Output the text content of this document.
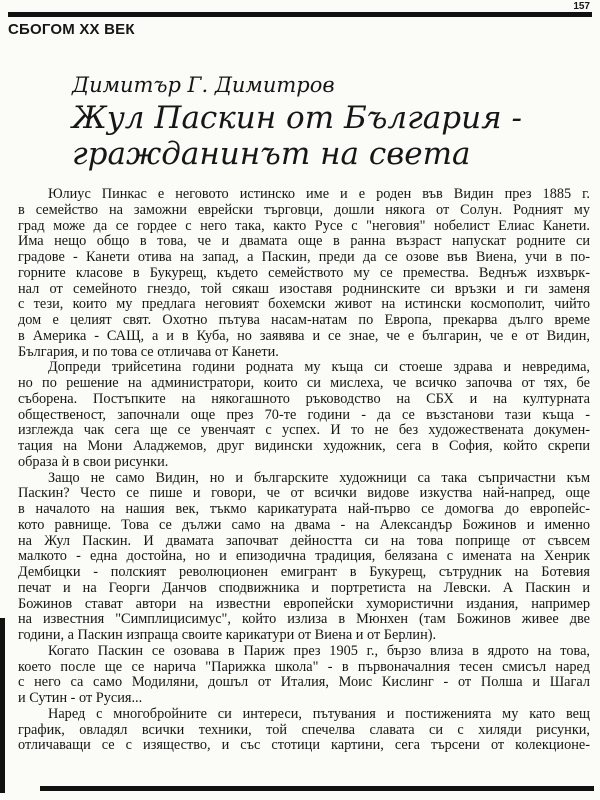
157
СБОГОМ ХХ ВЕК
Димитър Г. Димитров
Жул Паскин от България -
гражданинът на света
Юлиус Пинкас е неговото истинско име и е роден във Видин през 1885 г.
в семейство на заможни еврейски търговци, дошли някога от Солун. Родният му
град може да се гордее с него така, както Русе с "неговия" нобелист Елиас Канети.
Има нещо общо в това, че и двамата още в ранна възраст напускат родните си
градове - Канети отива на запад, а Паскин, преди да се озове във Виена, учи в по-
горните класове в Букурещ, където семейството му се премества. Веднъж изхвърк-
нал от семейното гнездо, той сякаш изоставя роднинските си връзки и ги заменя
с тези, които му предлага неговият бохемски живот на истински космополит, чийто
дом е целият свят. Охотно пътува насам-натам по Европа, прекарва дълго време
в Америка - САЩ, а и в Куба, но заявява и се знае, че е българин, че е от Видин,
България, и по това се отличава от Канети.
Допреди трийсетина години родната му къща си стоеше здрава и невредима,
но по решение на администратори, които си мислеха, че всичко започва от тях, бе
съборена. Постъпките на някогашното ръководство на СБХ и на културната
общественост, започнали още през 70-те години - да се възстанови тази къща -
изглежда чак сега ще се увенчаят с успех. И то не без художествената докумен-
тация на Мони Аладжемов, друг видински художник, сега в София, който скрепи
образа ѝ в свои рисунки.
Защо не само Видин, но и българските художници са така съпричастни към
Паскин? Често се пише и говори, че от всички видове изкуства най-напред, още
в началото на нашия век, тъкмо карикатурата най-първо се домогва до европейс-
кото равнище. Това се дължи само на двама - на Александър Божинов и именно
на Жул Паскин. И двамата започват дейността си на това поприще от съвсем
малкото - една достойна, но и епизодична традиция, белязана с имената на Хенрик
Дембицки - полският революционен емигрант в Букурещ, сътрудник на Ботевия
печат и на Георги Данчов сподвижника и портретиста на Левски. А Паскин и
Божинов стават автори на известни европейски хумористични издания, например
на известния "Симплицисимус", който излиза в Мюнхен (там Божинов живее две
години, а Паскин изпраща своите карикатури от Виена и от Берлин).
Когато Паскин се озовава в Париж през 1905 г., бързо влиза в ядрото на това,
което после ще се нарича "Парижка школа" - в първоначалния тесен смисъл наред
с него са само Модиляни, дошъл от Италия, Моис Кислинг - от Полша и Шагал
и Сутин - от Русия...
Наред с многобройните си интереси, пътувания и постиженията му като вещ
график, овладял всички техники, той спечелва славата си с хиляди рисунки,
отличаващи се с изящество, и със стотици картини, сега търсени от колекционе-
